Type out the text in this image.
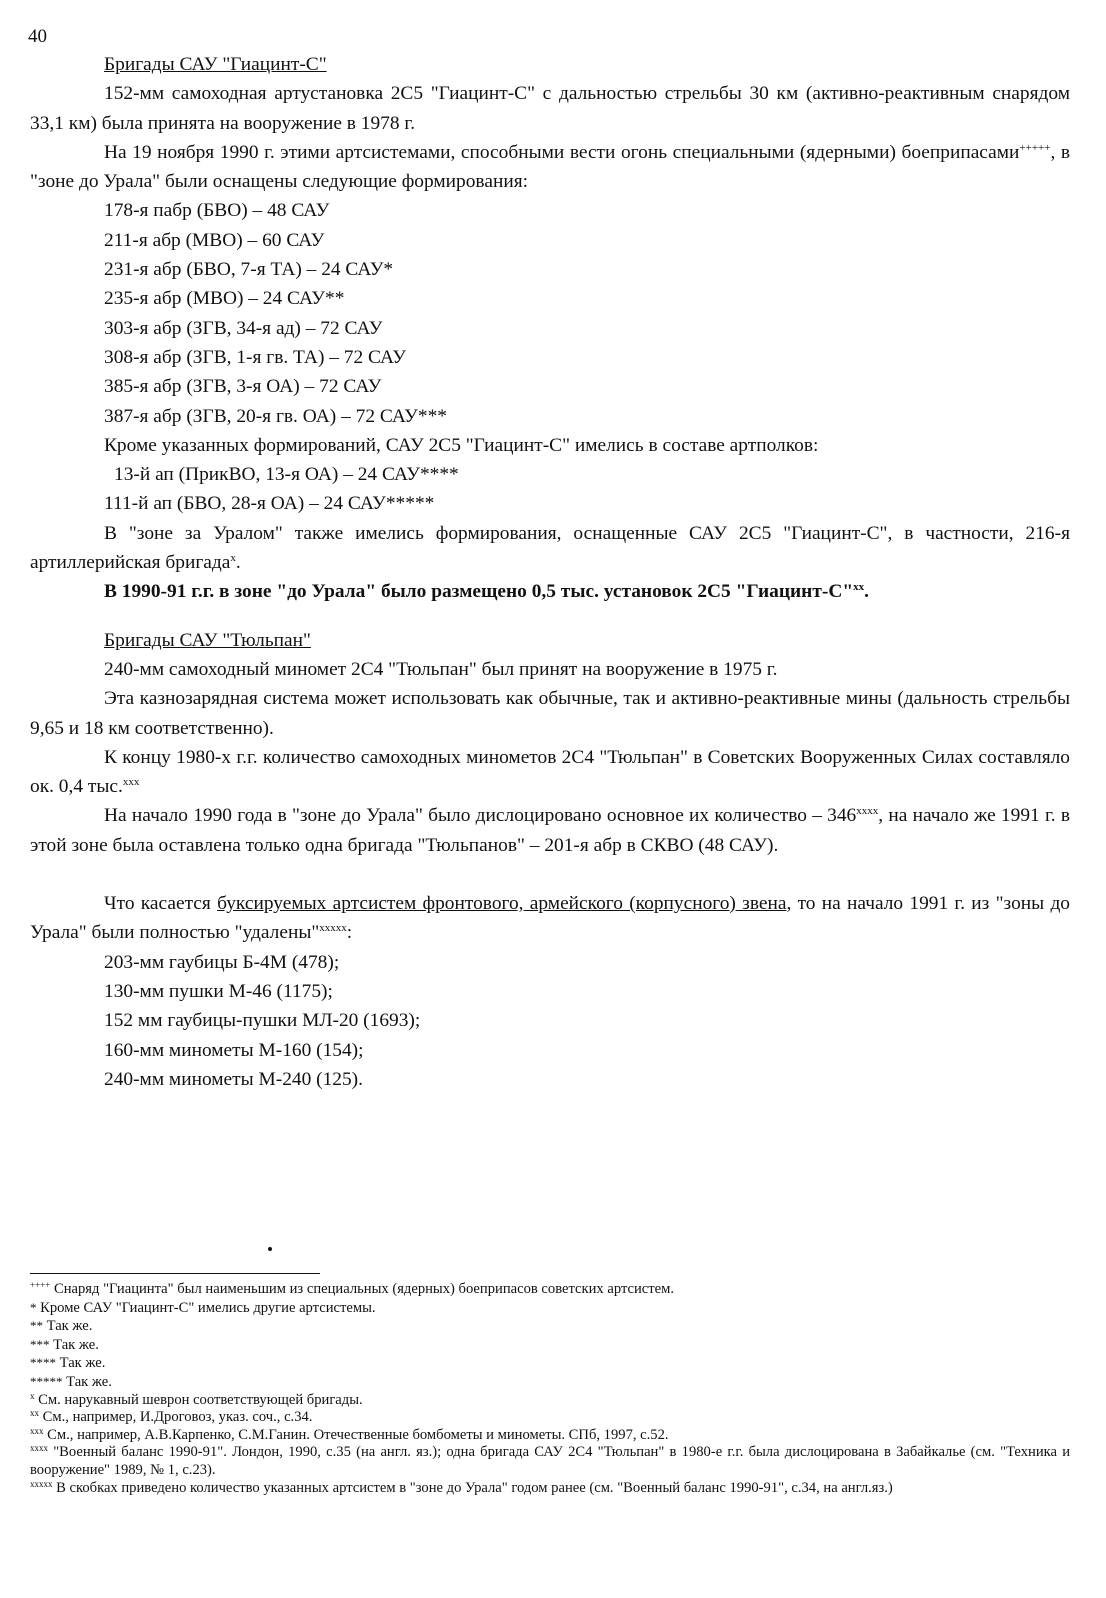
40

Бригады САУ "Гиацинт-С"

152-мм самоходная артустановка 2С5 "Гиацинт-С" с дальностью стрельбы 30 км (активно-реактивным снарядом 33,1 км) была принята на вооружение в 1978 г.

На 19 ноября 1990 г. этими артсистемами, способными вести огонь специальными (ядерными) боеприпасами+++++, в "зоне до Урала" были оснащены следующие формирования:

178-я пабр (БВО) – 48 САУ

211-я абр (МВО) – 60 САУ

231-я абр (БВО, 7-я ТА) – 24 САУ*

235-я абр (МВО) – 24 САУ**

303-я абр (ЗГВ, 34-я ад) – 72 САУ

308-я абр (ЗГВ, 1-я гв. ТА) – 72 САУ

385-я абр (ЗГВ, 3-я ОА) – 72 САУ

387-я абр (ЗГВ, 20-я гв. ОА) – 72 САУ***

Кроме указанных формирований, САУ 2С5 "Гиацинт-С" имелись в составе артполков:

13-й ап (ПрикВО, 13-я ОА) – 24 САУ****

111-й ап (БВО, 28-я ОА) – 24 САУ*****

В "зоне за Уралом" также имелись формирования, оснащенные САУ 2С5 "Гиацинт-С", в частности, 216-я артиллерийская бригада$^x$.

В 1990-91 г.г. в зоне "до Урала" было размещено 0,5 тыс. установок 2С5 "Гиацинт-С"$^{xx}$.

Бригады САУ "Тюльпан"

240-мм самоходный миномет 2С4 "Тюльпан" был принят на вооружение в 1975 г.

Эта казнозарядная система может использовать как обычные, так и активно-реактивные мины (дальность стрельбы 9,65 и 18 км соответственно).

К концу 1980-х г.г. количество самоходных минометов 2С4 "Тюльпан" в Советских Вооруженных Силах составляло ок. 0,4 тыс.$^{xxx}$

На начало 1990 года в "зоне до Урала" было дислоцировано основное их количество – 346$^{xxxx}$, на начало же 1991 г. в этой зоне была оставлена только одна бригада "Тюльпанов" – 201-я абр в СКВО (48 САУ).

Что касается буксируемых артсистем фронтового, армейского (корпусного) звена, то на начало 1991 г. из "зоны до Урала" были полностью "удалены"$^{xxxxx}$:

203-мм гаубицы Б-4М (478);

130-мм пушки М-46 (1175);

152 мм гаубицы-пушки МЛ-20 (1693);

160-мм минометы М-160 (154);

240-мм минометы М-240 (125).

++++ Снаряд "Гиацинта" был наименьшим из специальных (ядерных) боеприпасов советских артсистем.

* Кроме САУ "Гиацинт-С" имелись другие артсистемы.

** Так же.

*** Так же.

**** Так же.

***** Так же.

$^x$ См. нарукавный шеврон соответствующей бригады.

$^{xx}$ См., например, И.Дроговоз, указ. соч., с.34.

$^{xxx}$ См., например, А.В.Карпенко, С.М.Ганин. Отечественные бомбометы и минометы. СПб, 1997, с.52.

$^{xxxx}$ "Военный баланс 1990-91". Лондон, 1990, с.35 (на англ. яз.); одна бригада САУ 2С4 "Тюльпан" в 1980-е г.г. была дислоцирована в Забайкалье (см. "Техника и вооружение" 1989, № 1, с.23).

$^{xxxxx}$ В скобках приведено количество указанных артсистем в "зоне до Урала" годом ранее (см. "Военный баланс 1990-91", с.34, на англ.яз.)
